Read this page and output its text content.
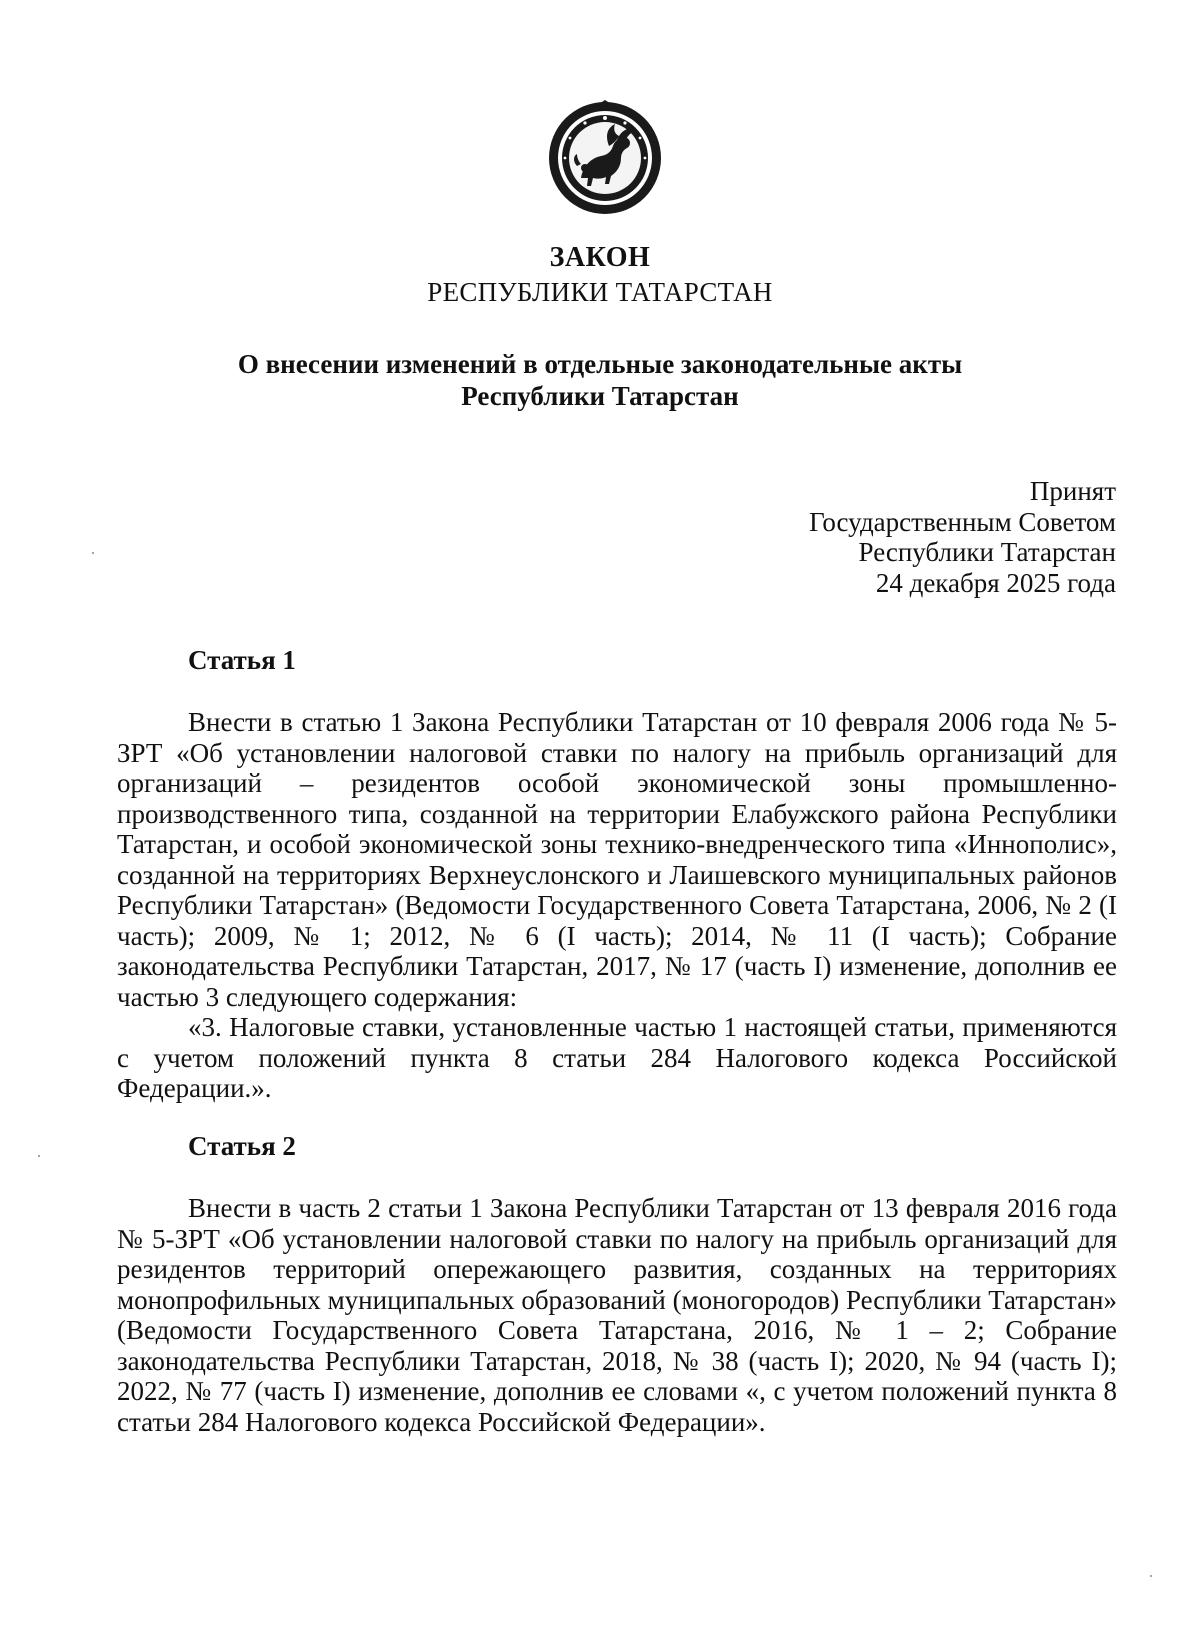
ЗАКОН
РЕСПУБЛИКИ ТАТАРСТАН
О внесении изменений в отдельные законодательные акты
Республики Татарстан
Принят
Государственным Советом
Республики Татарстан
24 декабря 2025 года
Статья 1

Внести в статью 1 Закона Республики Татарстан от 10 февраля 2006 года № 5-ЗРТ «Об установлении налоговой ставки по налогу на прибыль организаций для организаций – резидентов особой экономической зоны промышленно-производственного типа, созданной на территории Елабужского района Республики Татарстан, и особой экономической зоны технико-внедренческого типа «Иннополис», созданной на территориях Верхнеуслонского и Лаишевского муниципальных районов Республики Татарстан» (Ведомости Государственного Совета Татарстана, 2006, № 2 (I часть); 2009, № 1; 2012, № 6 (I часть); 2014, № 11 (I часть); Собрание законодательства Республики Татарстан, 2017, № 17 (часть I) изменение, дополнив ее частью 3 следующего содержания:

«3. Налоговые ставки, установленные частью 1 настоящей статьи, применяются с учетом положений пункта 8 статьи 284 Налогового кодекса Российской Федерации.».

Статья 2

Внести в часть 2 статьи 1 Закона Республики Татарстан от 13 февраля 2016 года № 5-ЗРТ «Об установлении налоговой ставки по налогу на прибыль организаций для резидентов территорий опережающего развития, созданных на территориях монопрофильных муниципальных образований (моногородов) Республики Татарстан» (Ведомости Государственного Совета Татарстана, 2016, № 1 – 2; Собрание законодательства Республики Татарстан, 2018, № 38 (часть I); 2020, № 94 (часть I); 2022, № 77 (часть I) изменение, дополнив ее словами «, с учетом положений пункта 8 статьи 284 Налогового кодекса Российской Федерации».
